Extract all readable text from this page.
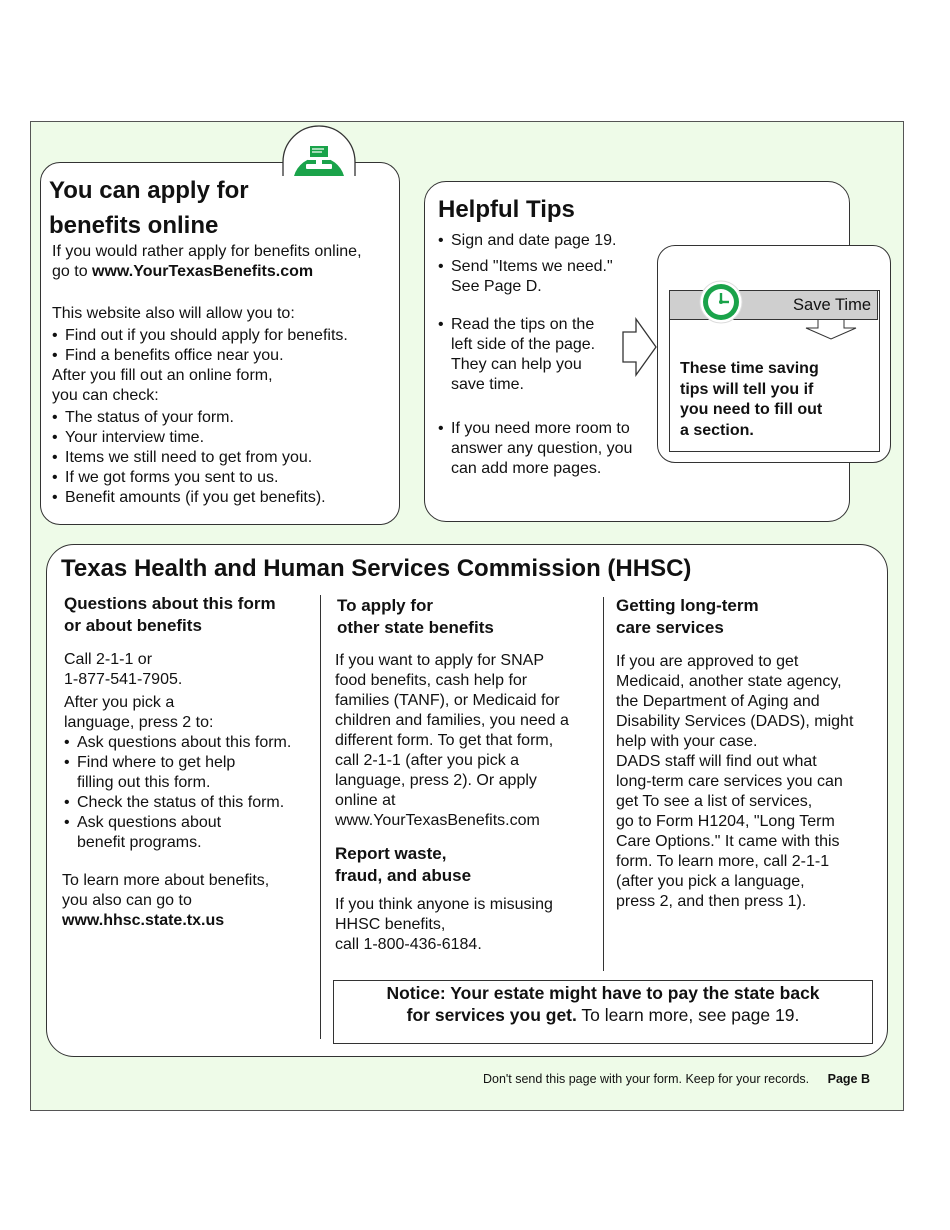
You can apply for
benefits online
If you would rather apply for benefits online,
go to www.YourTexasBenefits.com
This website also will allow you to:
• Find out if you should apply for benefits.
• Find a benefits office near you.
After you fill out an online form,
you can check:
• The status of your form.
• Your interview time.
• Items we still need to get from you.
• If we got forms you sent to us.
• Benefit amounts (if you get benefits).
Helpful Tips
• Sign and date page 19.
• Send "Items we need."
See Page D.
• Read the tips on the
left side of the page.
They can help you
save time.
• If you need more room to
answer any question, you
can add more pages.
Save Time
These time saving
tips will tell you if
you need to fill out
a section.
Texas Health and Human Services Commission (HHSC)
Questions about this form
or about benefits
Call 2-1-1 or
1-877-541-7905.
After you pick a
language, press 2 to:
• Ask questions about this form.
• Find where to get help
filling out this form.
• Check the status of this form.
• Ask questions about
benefit programs.
To learn more about benefits,
you also can go to
www.hhsc.state.tx.us
To apply for
other state benefits
If you want to apply for SNAP
food benefits, cash help for
families (TANF), or Medicaid for
children and families, you need a
different form. To get that form,
call 2-1-1 (after you pick a
language, press 2). Or apply
online at
www.YourTexasBenefits.com
Report waste,
fraud, and abuse
If you think anyone is misusing
HHSC benefits,
call 1-800-436-6184.
Getting long-term
care services
If you are approved to get
Medicaid, another state agency,
the Department of Aging and
Disability Services (DADS), might
help with your case.
DADS staff will find out what
long-term care services you can
get To see a list of services,
go to Form H1204, "Long Term
Care Options." It came with this
form. To learn more, call 2-1-1
(after you pick a language,
press 2, and then press 1).
Notice: Your estate might have to pay the state back
for services you get. To learn more, see page 19.
Don't send this page with your form. Keep for your records. Page B
